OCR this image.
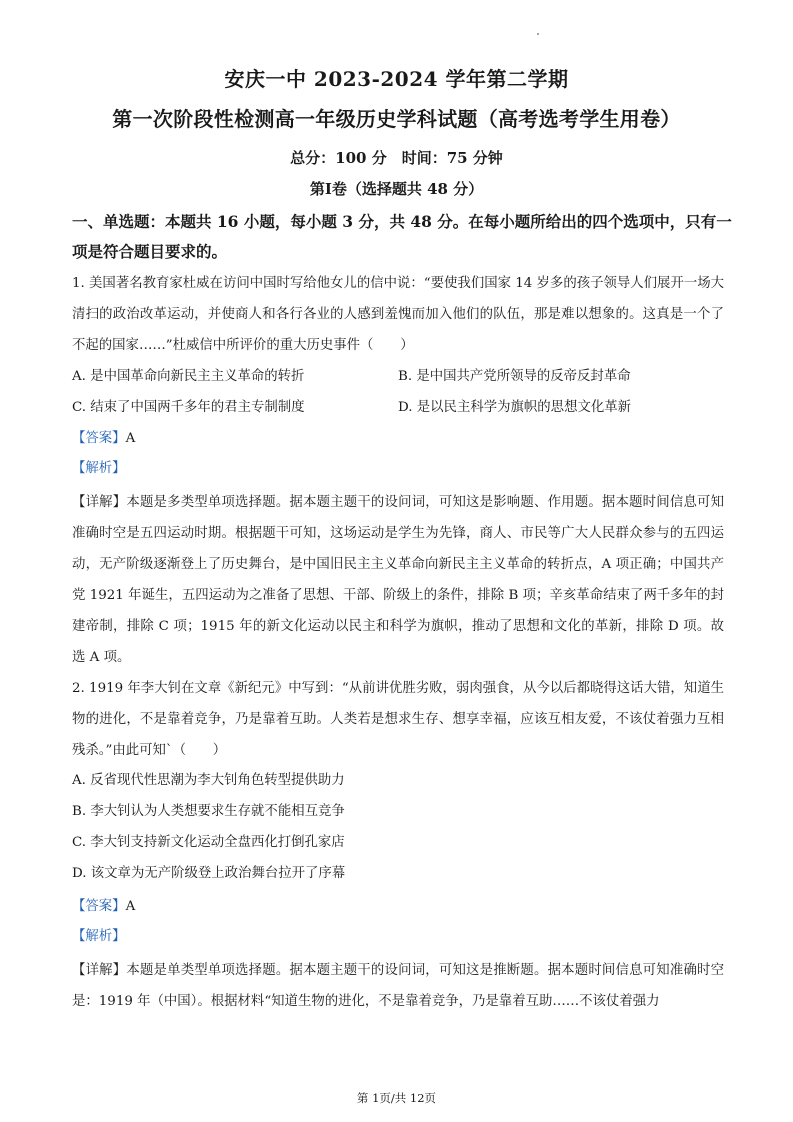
安庆一中 2023-2024 学年第二学期
第一次阶段性检测高一年级历史学科试题（高考选考学生用卷）
总分：100 分　时间：75 分钟
第Ⅰ卷（选择题共 48 分）
一、单选题：本题共 16 小题，每小题 3 分，共 48 分。在每小题所给出的四个选项中，只有一项是符合题目要求的。
1. 美国著名教育家杜威在访问中国时写给他女儿的信中说：“要使我们国家 14 岁多的孩子领导人们展开一场大清扫的政治改革运动，并使商人和各行各业的人感到羞愧而加入他们的队伍，那是难以想象的。这真是一个了不起的国家……”杜威信中所评价的重大历史事件（　　）
A. 是中国革命向新民主主义革命的转折	B. 是中国共产党所领导的反帝反封革命
C. 结束了中国两千多年的君主专制制度	D. 是以民主科学为旗帜的思想文化革新
【答案】A
【解析】
【详解】本题是多类型单项选择题。据本题主题干的设问词，可知这是影响题、作用题。据本题时间信息可知准确时空是五四运动时期。根据题干可知，这场运动是学生为先锋，商人、市民等广大人民群众参与的五四运动，无产阶级逐渐登上了历史舞台，是中国旧民主主义革命向新民主主义革命的转折点，A 项正确；中国共产党 1921 年诞生，五四运动为之准备了思想、干部、阶级上的条件，排除 B 项；辛亥革命结束了两千多年的封建帝制，排除 C 项；1915 年的新文化运动以民主和科学为旗帜，推动了思想和文化的革新，排除 D 项。故选 A 项。
2. 1919 年李大钊在文章《新纪元》中写到：“从前讲优胜劣败，弱肉强食，从今以后都晓得这话大错，知道生物的进化，不是靠着竞争，乃是靠着互助。人类若是想求生存、想享幸福，应该互相友爱，不该仗着强力互相残杀。”由此可知`（　　）
A. 反省现代性思潮为李大钊角色转型提供助力
B. 李大钊认为人类想要求生存就不能相互竞争
C. 李大钊支持新文化运动全盘西化打倒孔家店
D. 该文章为无产阶级登上政治舞台拉开了序幕
【答案】A
【解析】
【详解】本题是单类型单项选择题。据本题主题干的设问词，可知这是推断题。据本题时间信息可知准确时空是：1919 年（中国）。根据材料“知道生物的进化，不是靠着竞争，乃是靠着互助……不该仗着强力
第 1页/共 12页
